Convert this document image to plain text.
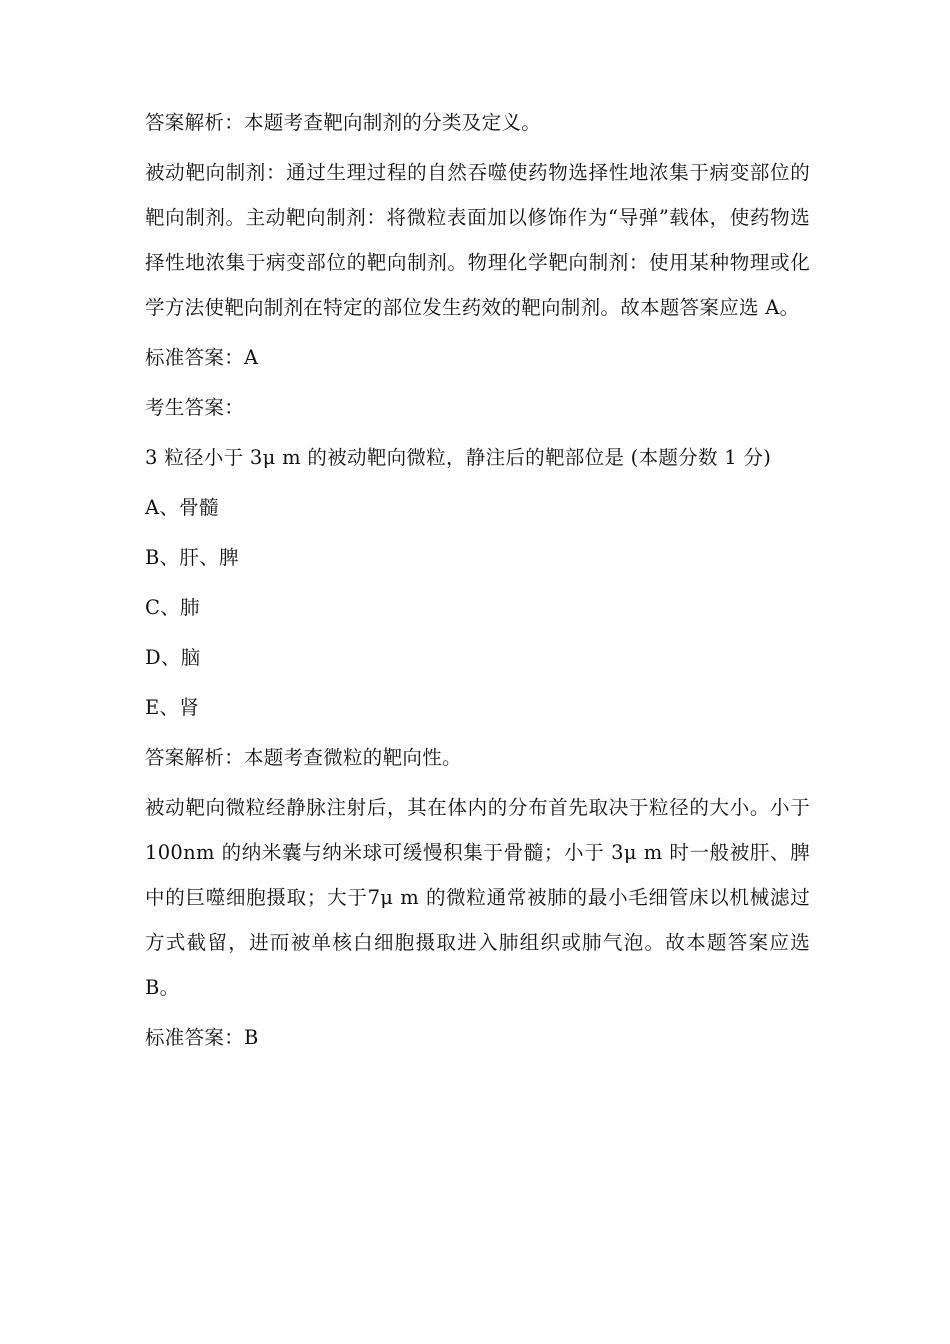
答案解析：本题考查靶向制剂的分类及定义。

被动靶向制剂：通过生理过程的自然吞噬使药物选择性地浓集于病变部位的靶向制剂。主动靶向制剂：将微粒表面加以修饰作为“导弹”载体，使药物选择性地浓集于病变部位的靶向制剂。物理化学靶向制剂：使用某种物理或化学方法使靶向制剂在特定的部位发生药效的靶向制剂。故本题答案应选 A。

标准答案：A

考生答案：

3 粒径小于 3μ m 的被动靶向微粒，静注后的靶部位是 (本题分数 1 分)

A、骨髓

B、肝、脾

C、肺

D、脑

E、肾

答案解析：本题考查微粒的靶向性。

被动靶向微粒经静脉注射后，其在体内的分布首先取决于粒径的大小。小于 100nm 的纳米囊与纳米球可缓慢积集于骨髓；小于 3μ m 时一般被肝、脾中的巨噬细胞摄取；大于7μ m 的微粒通常被肺的最小毛细管床以机械滤过方式截留，进而被单核白细胞摄取进入肺组织或肺气泡。故本题答案应选 B。

标准答案：B
